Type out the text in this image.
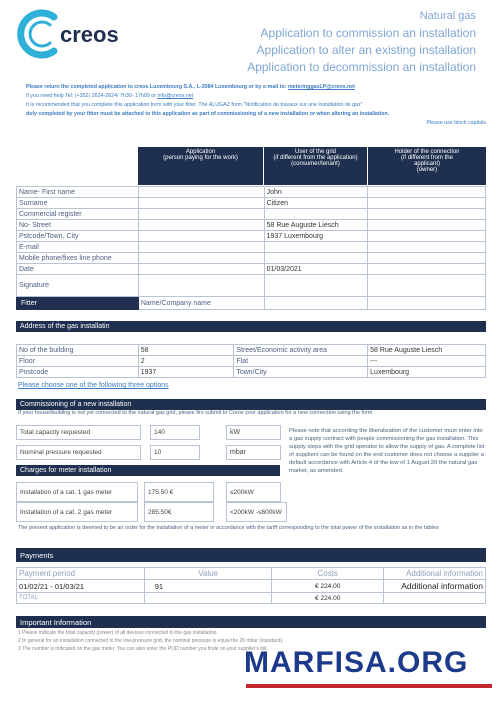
creos
Natural gas
Application to commission an installation
Application to alter an existing installation
Application to decommission an installation
Please return the completed application to creos Luxembourg S.A., L-2084 Luxembourg or by e-mail to: meteringgasLP@creos.net
If you need help Tel: (+352) 2624-2624/ 7h30- 17h00 or info@creos.net
It is recommended that you complete this application form with your fitter. The ALUGAZ form "Notification de travaux sur une installation de gaz"
duly completed by your fitter must be attached to this application as part of commissioning of a new installation or when altering an installation.
Please use block capitals
Application
(person paying for the work)
User of the grid
(if different from the application)
(consumer/tenant)
Holder of the connection
(if different from the
applicant)
(owner)
Name- First name		John	
Surname		Citizen	
Commercial register			
No- Street		58 Rue Auguste Liesch	
Pstcode/Town, City		1937 Luxembourg	
E-mail			
Mobile phone/fixes line phone			
Date		01/03/2021	
Signature			
Fitter	Name/Company name		
Address of the gas installatin
No of the building	58	Street/Economic activity area	58 Rue Auguste Liesch
Floor	2	Flat	---
Postcode	1937	Town/City	Luxembourg
Please choose one of the following three options
Commissioning of a new installation
If your house/building is not yet connected to the natural gas grid, please firs submit to Creos your application for a new connection using the form
Total capacity requested	140	kW
Nominal pressure requested	10	mbar
Please note that according the liberalization of the customer must enter into a gas supply contract with people commissioning the gas installation. This supply steps with the grid operator to allow the supply of gas. A complete list of suppliers can be found on the end customer does not choose a supplier a default accordance with Article 4 of the low of 1 August 20 the natural gas market, as amended.
Charges for meter installation
Installation of a cat. 1 gas meter	175.50 €	≤200kW
Installation of a cat. 2 gas meter	285.50€	<200kW -≤600kW
The present application is deemed to be an order for the installation of a meter in accordance with the tariff corresponding to the total power of the installation as in the tables
Payments
Payment period	Value	Costs	Additional information
01/02/21 - 01/03/21	91	€ 224.00	Additional information
TOTAL		€ 224.00	
Important Information
1 Please indicate the total capacity (power) of all devices connected to the gas installation.
2 In general for an installation connected to the low-pressure grid, the nominal pressure is equal the 20 mbar (standard).
3 The number is indicated on the gas meter. You can also enter the POD number you finde on your supplier's bill.
MARFISA.ORG
